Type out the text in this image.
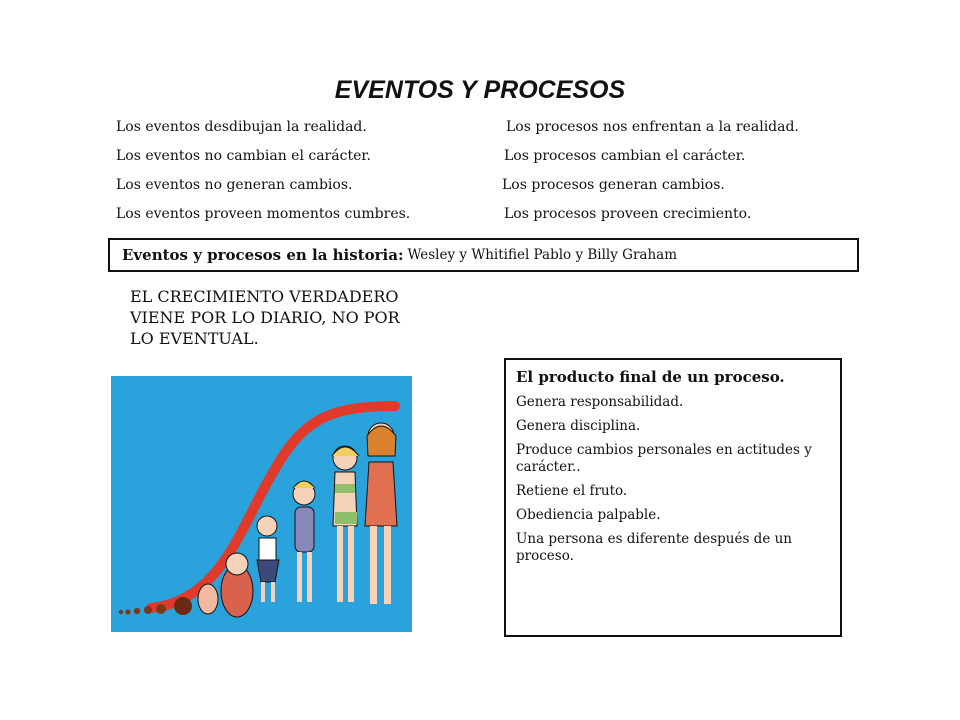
EVENTOS Y PROCESOS
Los eventos desdibujan la realidad.	Los procesos nos enfrentan a la realidad.
Los eventos no cambian el carácter.	Los procesos cambian el carácter.
Los eventos no generan cambios.	Los procesos generan cambios.
Los eventos proveen momentos cumbres.	Los procesos proveen crecimiento.
Eventos y procesos en la historia: Wesley y Whitifiel Pablo y Billy Graham
EL CRECIMIENTO VERDADERO VIENE POR LO DIARIO, NO POR LO EVENTUAL.
El producto final de un proceso.
Genera responsabilidad.
Genera disciplina.
Produce cambios personales en actitudes y carácter..
Retiene el fruto.
Obediencia palpable.
Una persona es diferente después de un proceso.
